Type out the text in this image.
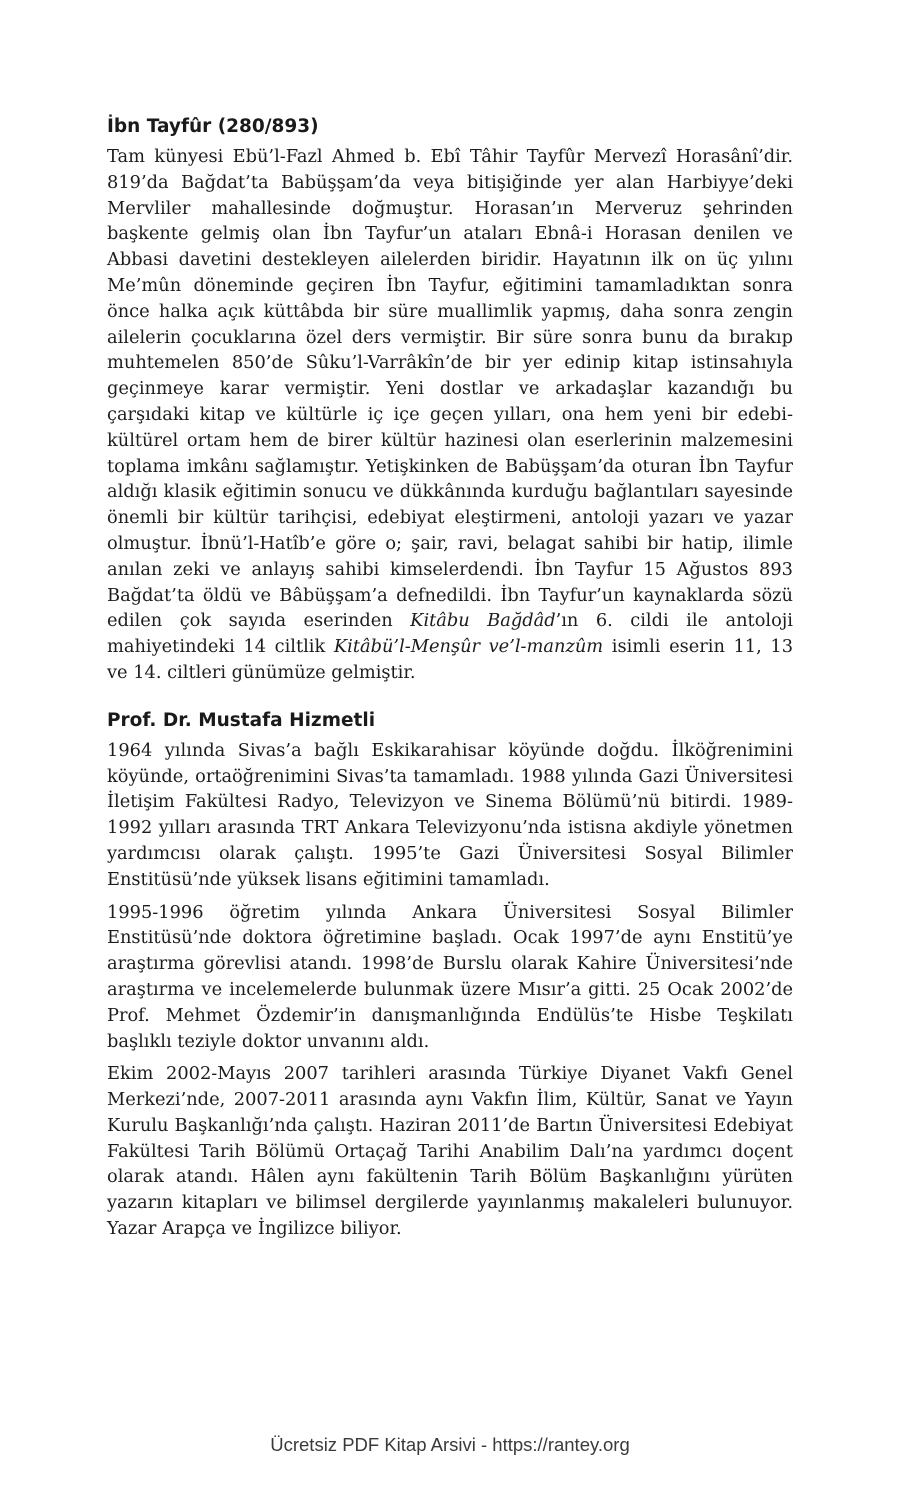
İbn Tayfûr (280/893)

Tam künyesi Ebü’l-Fazl Ahmed b. Ebî Tâhir Tayfûr Mervezî Horasânî’dir. 819’da Bağdat’ta Babüşşam’da veya bitişiğinde yer alan Harbiyye’deki Mervliler mahallesinde doğmuştur. Horasan’ın Merveruz şehrinden başkente gelmiş olan İbn Tayfur’un ataları Ebnâ-i Horasan denilen ve Abbasi davetini destekleyen ailelerden biridir. Hayatının ilk on üç yılını Me’mûn döneminde geçiren İbn Tayfur, eğitimini tamamladıktan sonra önce halka açık küttâbda bir süre muallimlik yapmış, daha sonra zengin ailelerin çocuklarına özel ders vermiştir. Bir süre sonra bunu da bırakıp muhtemelen 850’de Sûku’l-Varrâkîn’de bir yer edinip kitap istinsahıyla geçinmeye karar vermiştir. Yeni dostlar ve arkadaşlar kazandığı bu çarşıdaki kitap ve kültürle iç içe geçen yılları, ona hem yeni bir edebi-kültürel ortam hem de birer kültür hazinesi olan eserlerinin malzemesini toplama imkânı sağlamıştır. Yetişkinken de Babüşşam’da oturan İbn Tayfur aldığı klasik eğitimin sonucu ve dükkânında kurduğu bağlantıları sayesinde önemli bir kültür tarihçisi, edebiyat eleştirmeni, antoloji yazarı ve yazar olmuştur. İbnü’l-Hatîb’e göre o; şair, ravi, belagat sahibi bir hatip, ilimle anılan zeki ve anlayış sahibi kimselerdendi. İbn Tayfur 15 Ağustos 893 Bağdat’ta öldü ve Bâbüşşam’a defnedildi. İbn Tayfur’un kaynaklarda sözü edilen çok sayıda eserinden Kitâbu Bağdâd’ın 6. cildi ile antoloji mahiyetindeki 14 ciltlik Kitâbü’l-Menşûr ve’l-manzûm isimli eserin 11, 13 ve 14. ciltleri günümüze gelmiştir.

Prof. Dr. Mustafa Hizmetli

1964 yılında Sivas’a bağlı Eskikarahisar köyünde doğdu. İlköğrenimini köyünde, ortaöğrenimini Sivas’ta tamamladı. 1988 yılında Gazi Üniversitesi İletişim Fakültesi Radyo, Televizyon ve Sinema Bölümü’nü bitirdi. 1989-1992 yılları arasında TRT Ankara Televizyonu’nda istisna akdiyle yönetmen yardımcısı olarak çalıştı. 1995’te Gazi Üniversitesi Sosyal Bilimler Enstitüsü’nde yüksek lisans eğitimini tamamladı.

1995-1996 öğretim yılında Ankara Üniversitesi Sosyal Bilimler Enstitüsü’nde doktora öğretimine başladı. Ocak 1997’de aynı Enstitü’ye araştırma görevlisi atandı. 1998’de Burslu olarak Kahire Üniversitesi’nde araştırma ve incelemelerde bulunmak üzere Mısır’a gitti. 25 Ocak 2002’de Prof. Mehmet Özdemir’in danışmanlığında Endülüs’te Hisbe Teşkilatı başlıklı teziyle doktor unvanını aldı.

Ekim 2002-Mayıs 2007 tarihleri arasında Türkiye Diyanet Vakfı Genel Merkezi’nde, 2007-2011 arasında aynı Vakfın İlim, Kültür, Sanat ve Yayın Kurulu Başkanlığı’nda çalıştı. Haziran 2011’de Bartın Üniversitesi Edebiyat Fakültesi Tarih Bölümü Ortaçağ Tarihi Anabilim Dalı’na yardımcı doçent olarak atandı. Hâlen aynı fakültenin Tarih Bölüm Başkanlığını yürüten yazarın kitapları ve bilimsel dergilerde yayınlanmış makaleleri bulunuyor. Yazar Arapça ve İngilizce biliyor.

Ücretsiz PDF Kitap Arsivi - https://rantey.org
